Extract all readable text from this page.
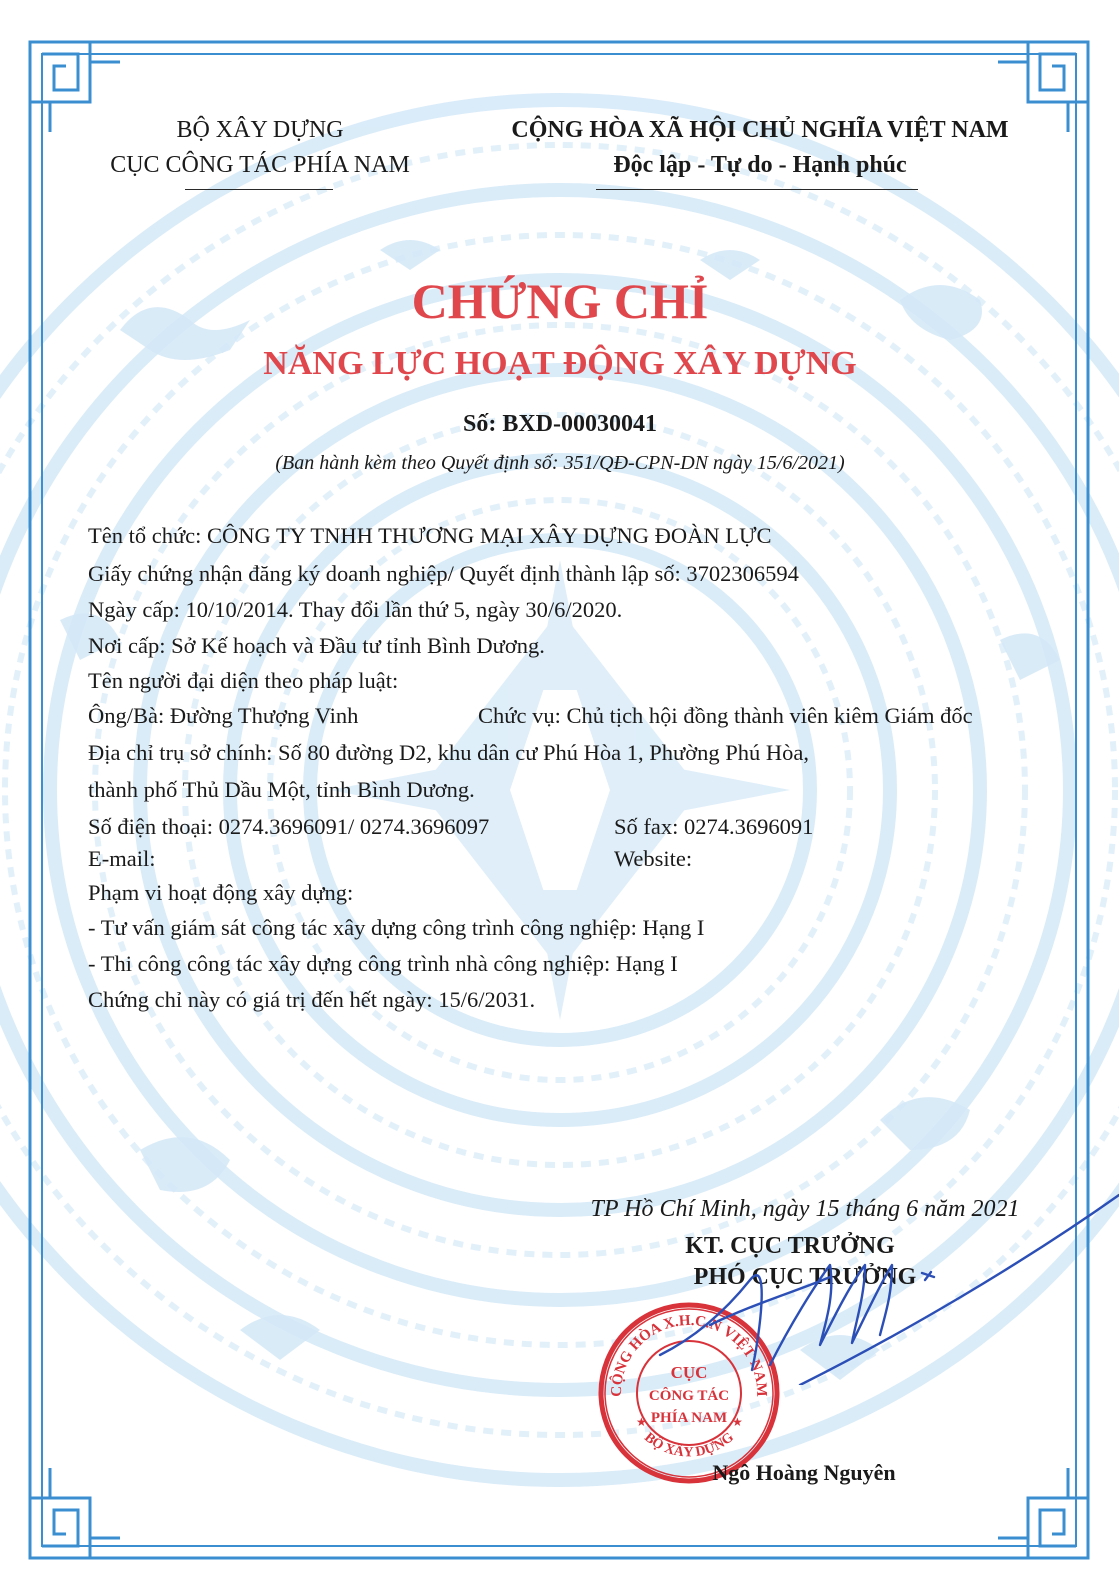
BỘ XÂY DỰNG
CỤC CÔNG TÁC PHÍA NAM
CỘNG HÒA XÃ HỘI CHỦ NGHĨA VIỆT NAM
Độc lập - Tự do - Hạnh phúc
CHỨNG CHỈ
NĂNG LỰC HOẠT ĐỘNG XÂY DỰNG
Số: BXD-00030041
(Ban hành kèm theo Quyết định số: 351/QĐ-CPN-DN ngày 15/6/2021)
Tên tổ chức: CÔNG TY TNHH THƯƠNG MẠI XÂY DỰNG ĐOÀN LỰC
Giấy chứng nhận đăng ký doanh nghiệp/ Quyết định thành lập số: 3702306594
Ngày cấp: 10/10/2014. Thay đổi lần thứ 5, ngày 30/6/2020.
Nơi cấp: Sở Kế hoạch và Đầu tư tỉnh Bình Dương.
Tên người đại diện theo pháp luật:
Ông/Bà: Đường Thượng Vinh	Chức vụ: Chủ tịch hội đồng thành viên kiêm Giám đốc
Địa chỉ trụ sở chính: Số 80 đường D2, khu dân cư Phú Hòa 1, Phường Phú Hòa,
thành phố Thủ Dầu Một, tỉnh Bình Dương.
Số điện thoại: 0274.3696091/ 0274.3696097	Số fax: 0274.3696091
E-mail:	Website:
Phạm vi hoạt động xây dựng:
- Tư vấn giám sát công tác xây dựng công trình công nghiệp: Hạng I
- Thi công công tác xây dựng công trình nhà công nghiệp: Hạng I
Chứng chỉ này có giá trị đến hết ngày: 15/6/2031.
TP Hồ Chí Minh, ngày 15 tháng 6 năm 2021
KT. CỤC TRƯỞNG
PHÓ CỤC TRƯỞNG
CỘNG HÒA X.H.C.N VIỆT NAM
BỘ XÂY DỰNG
CỤC
CÔNG TÁC
PHÍA NAM
★	★
Ngô Hoàng Nguyên
